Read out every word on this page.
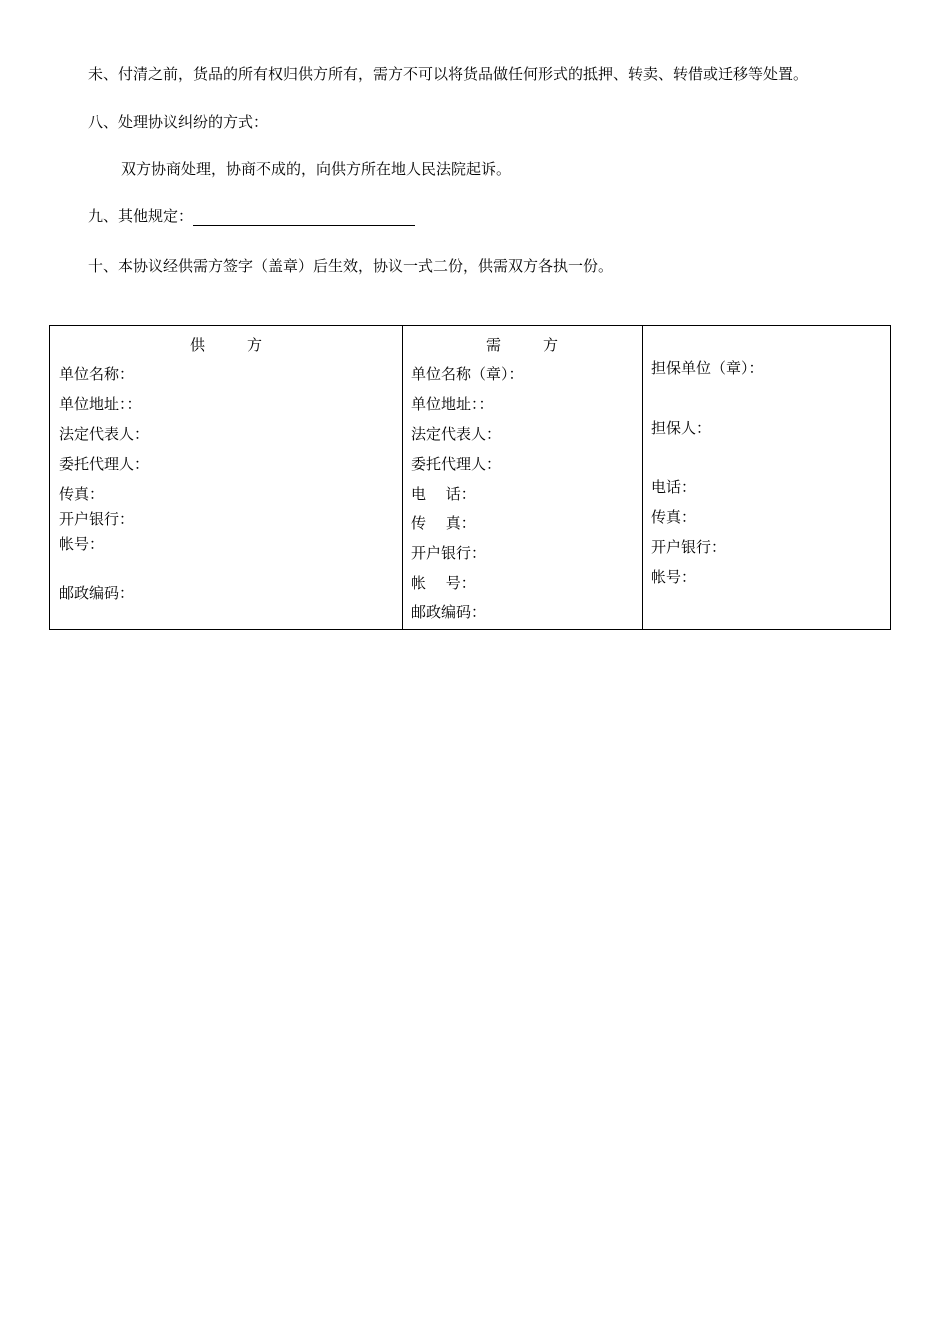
未、付清之前，货品的所有权归供方所有，需方不可以将货品做任何形式的抵押、转卖、转借或迁移等处置。
八、处理协议纠纷的方式：
双方协商处理，协商不成的，向供方所在地人民法院起诉。
九、其他规定：
十、本协议经供需方签字（盖章）后生效，协议一式二份，供需双方各执一份。
供	方
单位名称：
单位地址：：
法定代表人：
委托代理人：
传真：
开户银行：
帐号：
邮政编码：
需	方
单位名称（章）：
单位地址：：
法定代表人：
委托代理人：
电　 话：
传　 真：
开户银行：
帐　 号：
邮政编码：
担保单位（章）：
担保人：
电话：
传真：
开户银行：
帐号：
